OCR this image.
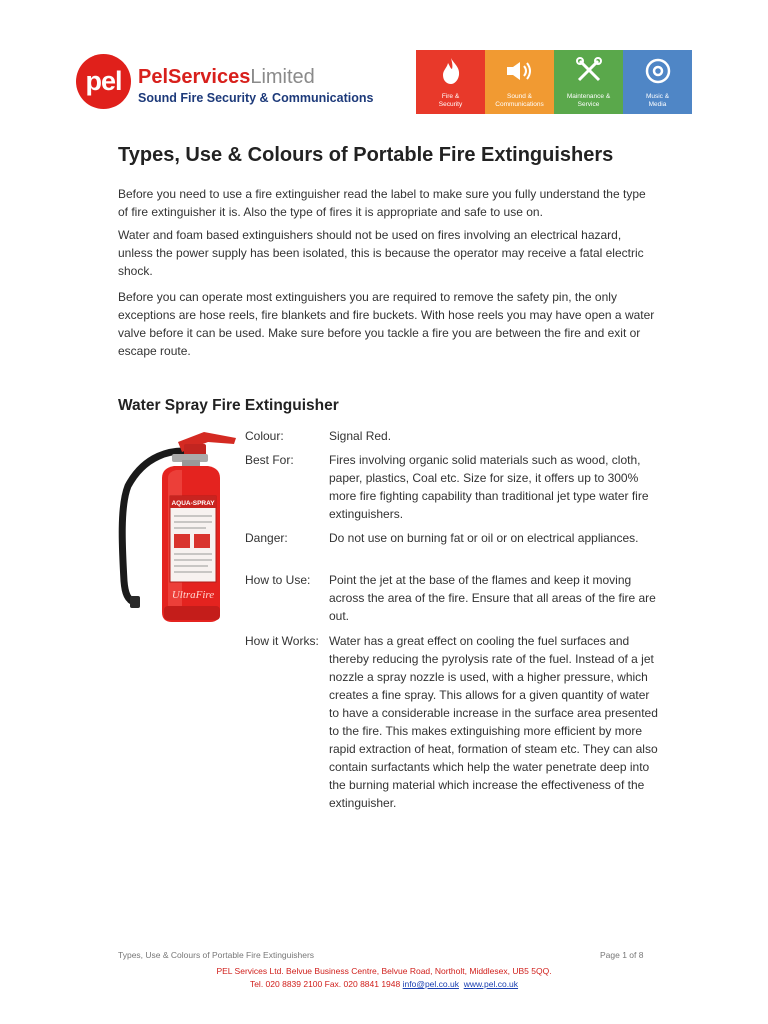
pel PelServicesLimited
Sound Fire Security & Communications	Fire &
Security
Sound &
Communications
Maintenance &
Service
Music &
Media
Types, Use & Colours of Portable Fire Extinguishers

Before you need to use a fire extinguisher read the label to make sure you fully understand the type of fire extinguisher it is. Also the type of fires it is appropriate and safe to use on.

Water and foam based extinguishers should not be used on fires involving an electrical hazard, unless the power supply has been isolated, this is because the operator may receive a fatal electric shock.

Before you can operate most extinguishers you are required to remove the safety pin, the only exceptions are hose reels, fire blankets and fire buckets. With hose reels you may have open a water valve before it can be used. Make sure before you tackle a fire you are between the fire and exit or escape route.

Water Spray Fire Extinguisher
AQUA-SPRAY
UltraFire
Colour:	Signal Red.
Best For:	Fires involving organic solid materials such as wood, cloth, paper, plastics, Coal etc. Size for size, it offers up to 300% more fire fighting capability than traditional jet type water fire extinguishers.
Danger:	Do not use on burning fat or oil or on electrical appliances.
How to Use:	Point the jet at the base of the flames and keep it moving across the area of the fire. Ensure that all areas of the fire are out.
How it Works: Water has a great effect on cooling the fuel surfaces and thereby reducing the pyrolysis rate of the fuel. Instead of a jet nozzle a spray nozzle is used, with a higher pressure, which creates a fine spray. This allows for a given quantity of water to have a considerable increase in the surface area presented to the fire. This makes extinguishing more efficient by more rapid extraction of heat, formation of steam etc. They can also contain surfactants which help the water penetrate deep into the burning material which increase the effectiveness of the extinguisher.
Types, Use & Colours of Portable Fire Extinguishers	Page 1 of 8
PEL Services Ltd. Belvue Business Centre, Belvue Road, Northolt, Middlesex, UB5 5QQ.
Tel. 020 8839 2100 Fax. 020 8841 1948 info@pel.co.uk www.pel.co.uk
